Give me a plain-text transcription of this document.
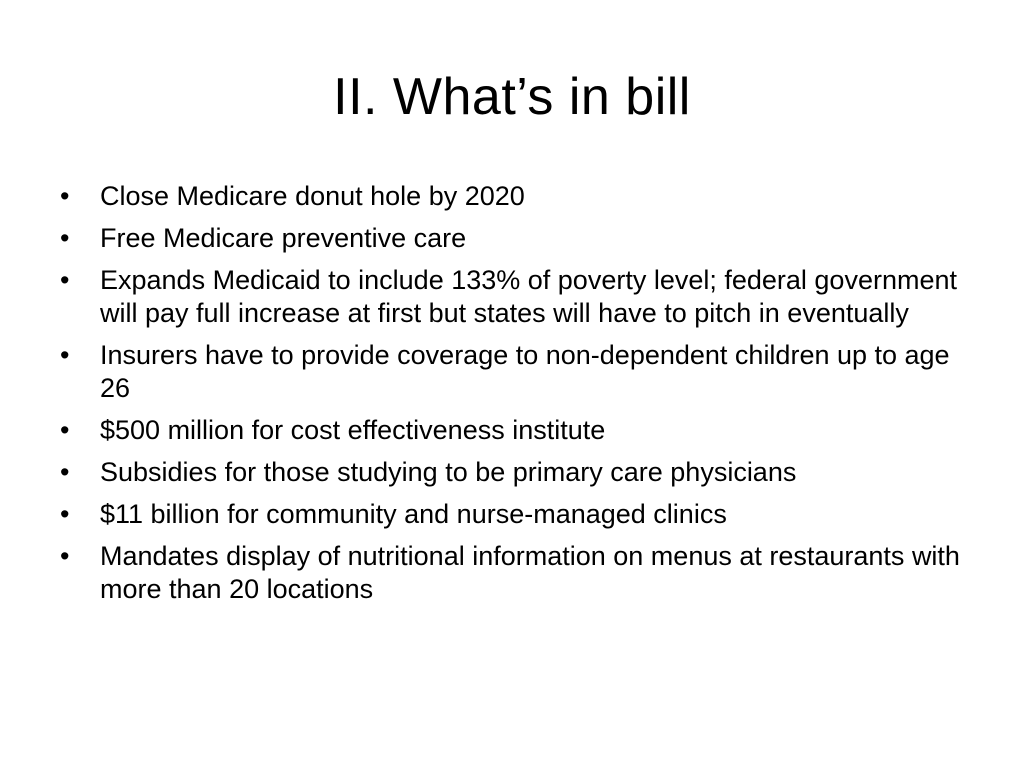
II. What’s in bill
•	Close Medicare donut hole by 2020
•	Free Medicare preventive care
•	Expands Medicaid to include 133% of poverty level; federal government will pay full increase at first but states will have to pitch in eventually
•	Insurers have to provide coverage to non-dependent children up to age 26
•	$500 million for cost effectiveness institute
•	Subsidies for those studying to be primary care physicians
•	$11 billion for community and nurse-managed clinics
•	Mandates display of nutritional information on menus at restaurants with more than 20 locations
